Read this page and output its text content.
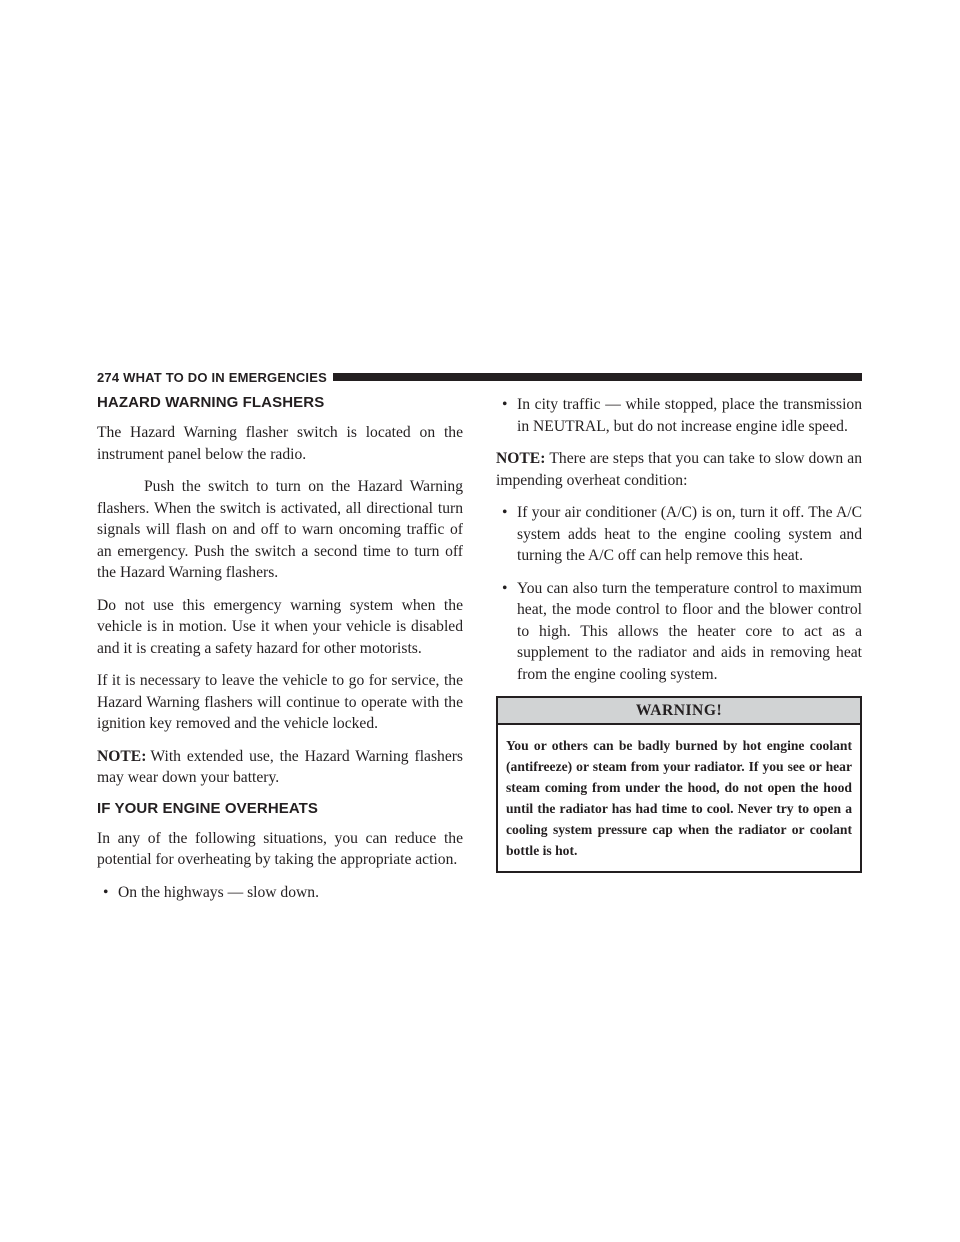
274 WHAT TO DO IN EMERGENCIES
HAZARD WARNING FLASHERS

The Hazard Warning flasher switch is located on the instrument panel below the radio.

Push the switch to turn on the Hazard Warning flashers. When the switch is activated, all directional turn signals will flash on and off to warn oncoming traffic of an emergency. Push the switch a second time to turn off the Hazard Warning flashers.

Do not use this emergency warning system when the vehicle is in motion. Use it when your vehicle is disabled and it is creating a safety hazard for other motorists.

If it is necessary to leave the vehicle to go for service, the Hazard Warning flashers will continue to operate with the ignition key removed and the vehicle locked.

NOTE: With extended use, the Hazard Warning flashers may wear down your battery.

IF YOUR ENGINE OVERHEATS

In any of the following situations, you can reduce the potential for overheating by taking the appropriate action.

• On the highways — slow down.
• In city traffic — while stopped, place the transmission in NEUTRAL, but do not increase engine idle speed.

NOTE: There are steps that you can take to slow down an impending overheat condition:

• If your air conditioner (A/C) is on, turn it off. The A/C system adds heat to the engine cooling system and turning the A/C off can help remove this heat.
• You can also turn the temperature control to maximum heat, the mode control to floor and the blower control to high. This allows the heater core to act as a supplement to the radiator and aids in removing heat from the engine cooling system.
WARNING!
You or others can be badly burned by hot engine coolant (antifreeze) or steam from your radiator. If you see or hear steam coming from under the hood, do not open the hood until the radiator has had time to cool. Never try to open a cooling system pressure cap when the radiator or coolant bottle is hot.
